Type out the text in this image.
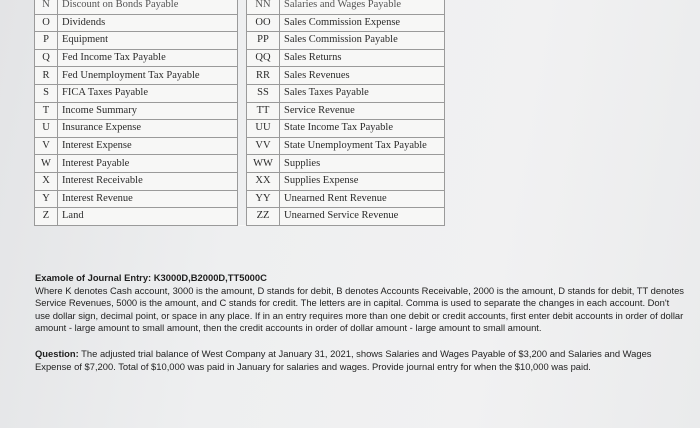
N	Discount on Bonds Payable		NN	Salaries and Wages Payable
O	Dividends		OO	Sales Commission Expense
P	Equipment		PP	Sales Commission Payable
Q	Fed Income Tax Payable		QQ	Sales Returns
R	Fed Unemployment Tax Payable		RR	Sales Revenues
S	FICA Taxes Payable		SS	Sales Taxes Payable
T	Income Summary		TT	Service Revenue
U	Insurance Expense		UU	State Income Tax Payable
V	Interest Expense		VV	State Unemployment Tax Payable
W	Interest Payable		WW	Supplies
X	Interest Receivable		XX	Supplies Expense
Y	Interest Revenue		YY	Unearned Rent Revenue
Z	Land		ZZ	Unearned Service Revenue

Examole of Journal Entry: K3000D,B2000D,TT5000C

Where K denotes Cash account, 3000 is the amount, D stands for debit, B denotes Accounts Receivable, 2000 is the amount, D stands for debit, TT denotes Service Revenues, 5000 is the amount, and C stands for credit. The letters are in capital. Comma is used to separate the changes in each account. Don't use dollar sign, decimal point, or space in any place. If in an entry requires more than one debit or credit accounts, first enter debit accounts in order of dollar amount - large amount to small amount, then the credit accounts in order of dollar amount - large amount to small amount.

Question: The adjusted trial balance of West Company at January 31, 2021, shows Salaries and Wages Payable of $3,200 and Salaries and Wages Expense of $7,200. Total of $10,000 was paid in January for salaries and wages. Provide journal entry for when the $10,000 was paid.
